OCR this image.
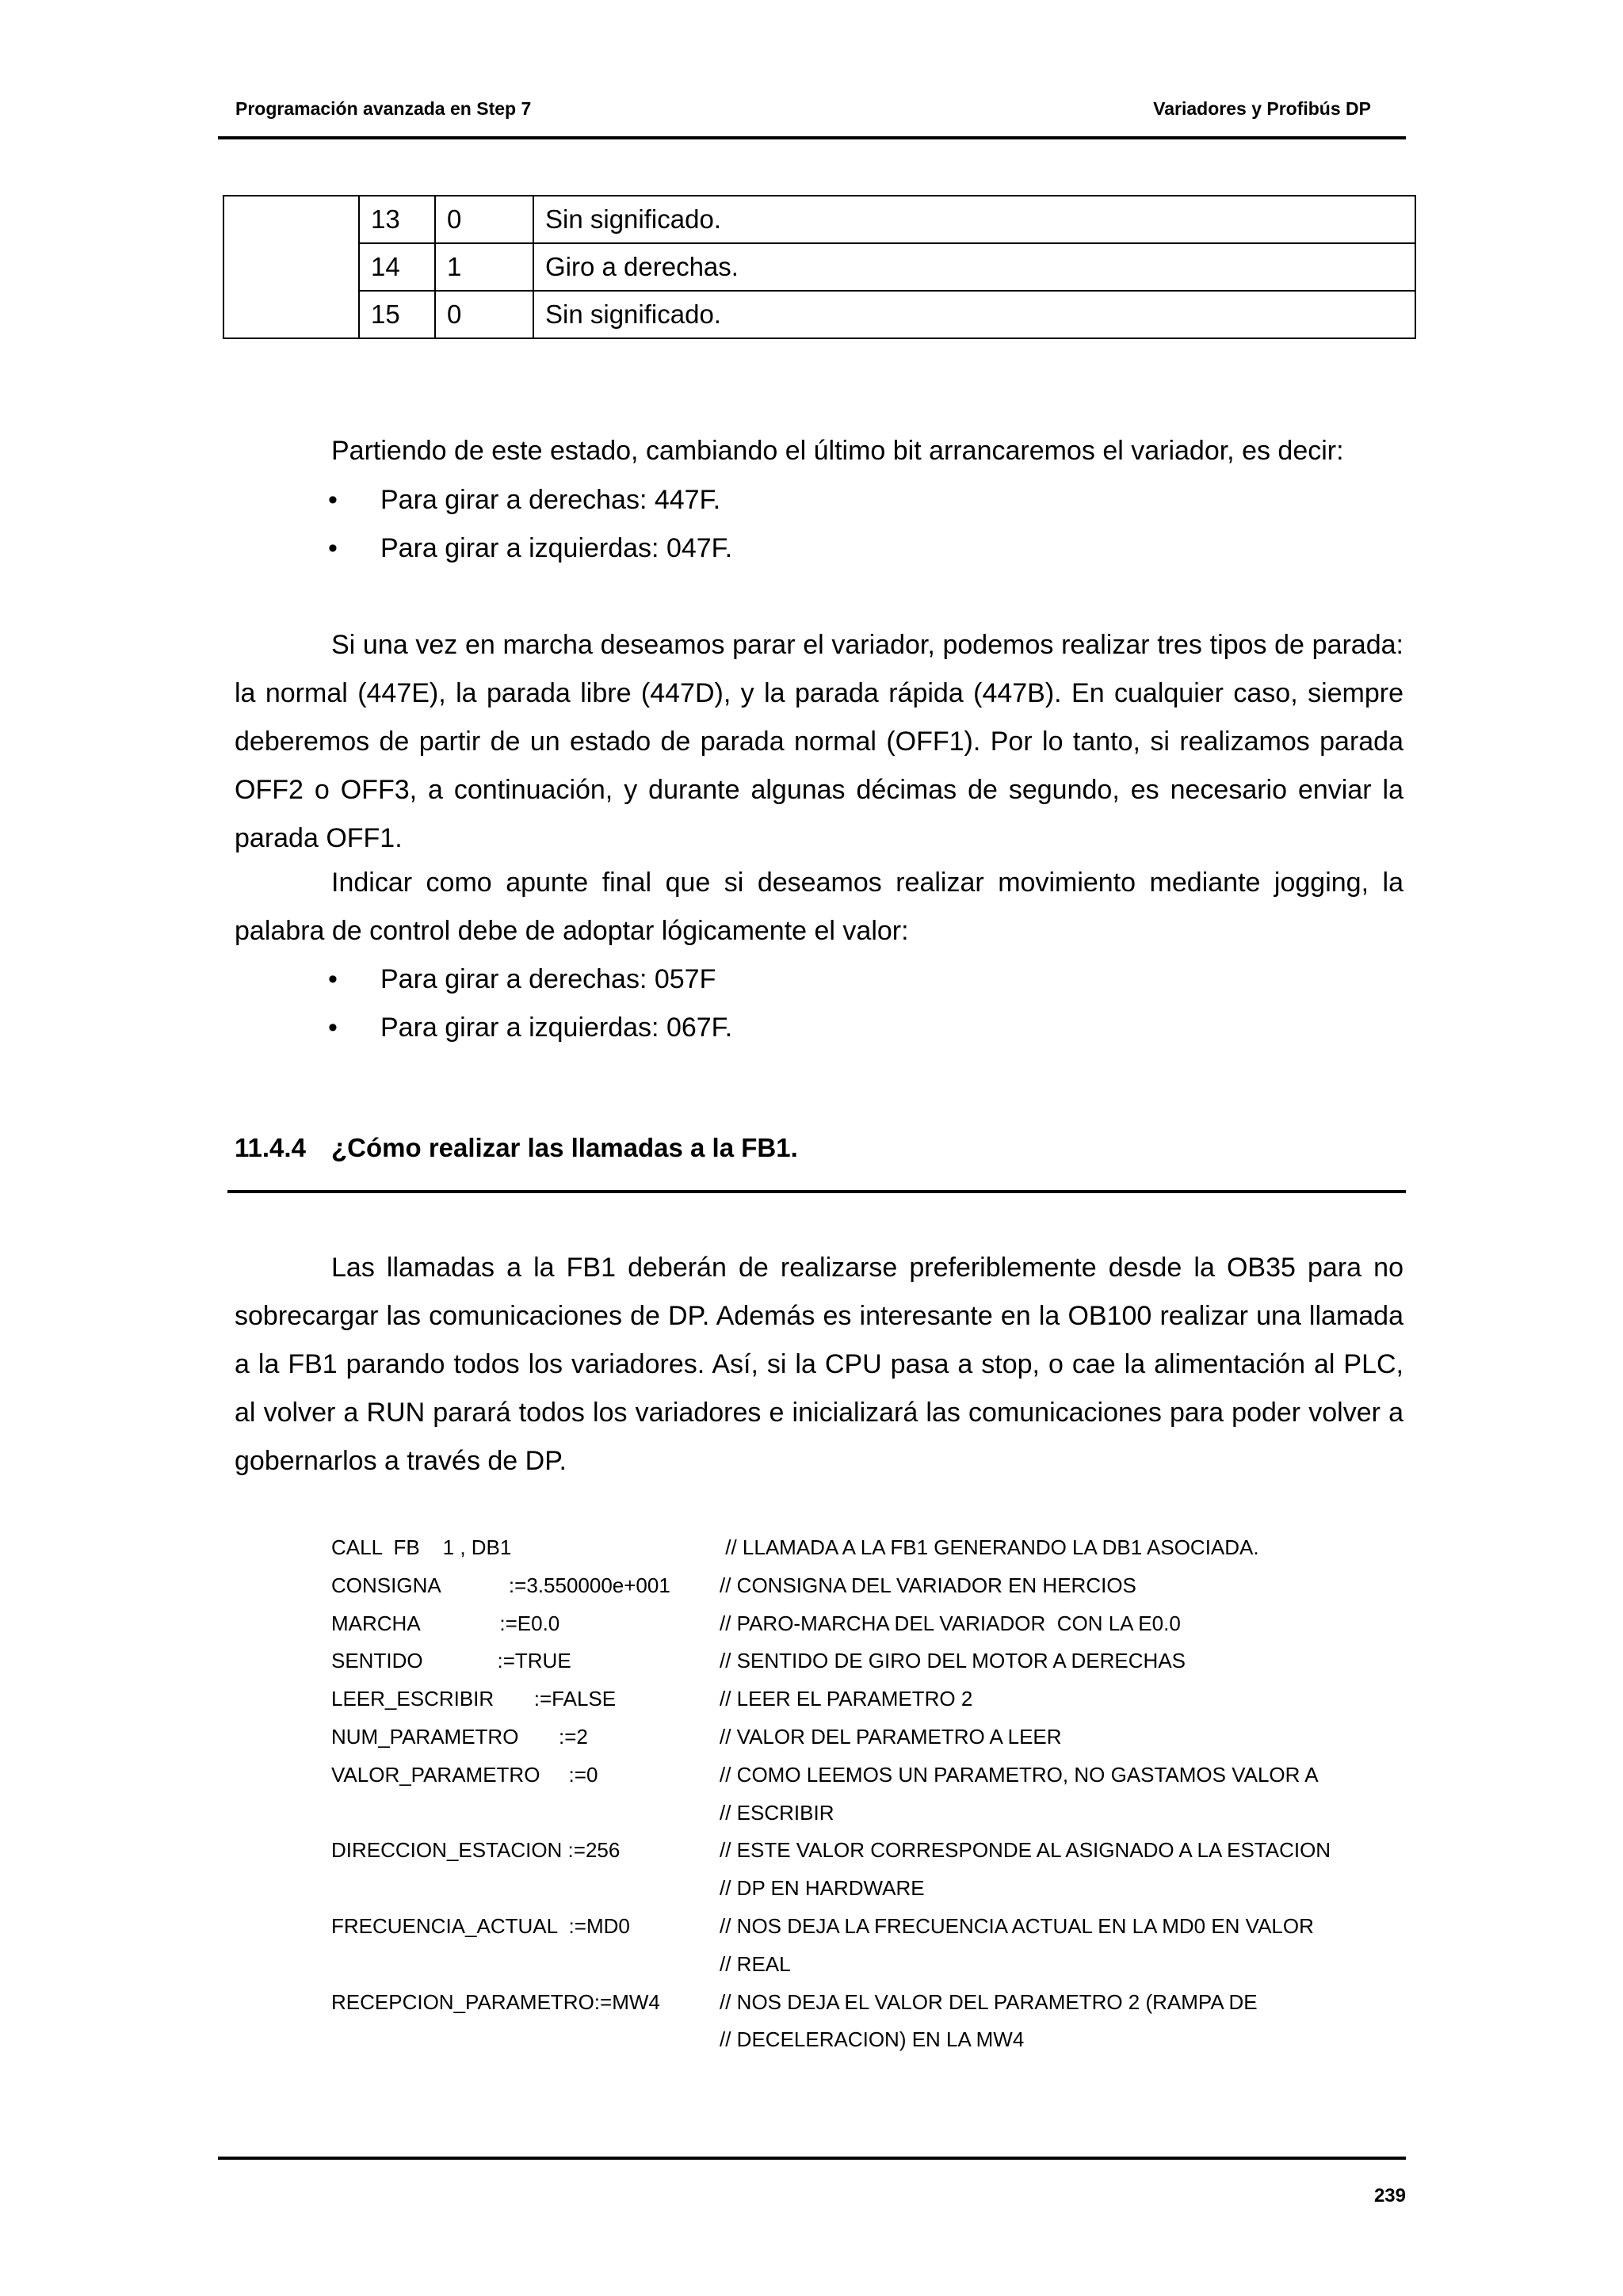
Programación avanzada en Step 7	Variadores y Profibús DP
	13	0	Sin significado.
	14	1	Giro a derechas.
	15	0	Sin significado.

Partiendo de este estado, cambiando el último bit arrancaremos el variador, es decir:

• Para girar a derechas: 447F.
• Para girar a izquierdas: 047F.

Si una vez en marcha deseamos parar el variador, podemos realizar tres tipos de parada: la normal (447E), la parada libre (447D), y la parada rápida (447B). En cualquier caso, siempre deberemos de partir de un estado de parada normal (OFF1). Por lo tanto, si realizamos parada OFF2 o OFF3, a continuación, y durante algunas décimas de segundo, es necesario enviar la parada OFF1.

Indicar como apunte final que si deseamos realizar movimiento mediante jogging, la palabra de control debe de adoptar lógicamente el valor:

• Para girar a derechas: 057F
• Para girar a izquierdas: 067F.
11.4.4 ¿Cómo realizar las llamadas a la FB1.

Las llamadas a la FB1 deberán de realizarse preferiblemente desde la OB35 para no sobrecargar las comunicaciones de DP. Además es interesante en la OB100 realizar una llamada a la FB1 parando todos los variadores. Así, si la CPU pasa a stop, o cae la alimentación al PLC, al volver a RUN parará todos los variadores e inicializará las comunicaciones para poder volver a gobernarlos a través de DP.

CALL  FB    1 , DB1	// LLAMADA A LA FB1 GENERANDO LA DB1 ASOCIADA.
CONSIGNA            :=3.550000e+001 // CONSIGNA DEL VARIADOR EN HERCIOS
MARCHA              :=E0.0	// PARO-MARCHA DEL VARIADOR  CON LA E0.0
SENTIDO             :=TRUE	// SENTIDO DE GIRO DEL MOTOR A DERECHAS
LEER_ESCRIBIR       :=FALSE	// LEER EL PARAMETRO 2
NUM_PARAMETRO       :=2	// VALOR DEL PARAMETRO A LEER
VALOR_PARAMETRO     :=0	// COMO LEEMOS UN PARAMETRO, NO GASTAMOS VALOR A
// ESCRIBIR
DIRECCION_ESTACION :=256	// ESTE VALOR CORRESPONDE AL ASIGNADO A LA ESTACION
// DP EN HARDWARE
FRECUENCIA_ACTUAL  :=MD0	// NOS DEJA LA FRECUENCIA ACTUAL EN LA MD0 EN VALOR
// REAL
RECEPCION_PARAMETRO:=MW4	// NOS DEJA EL VALOR DEL PARAMETRO 2 (RAMPA DE
// DECELERACION) EN LA MW4
239
